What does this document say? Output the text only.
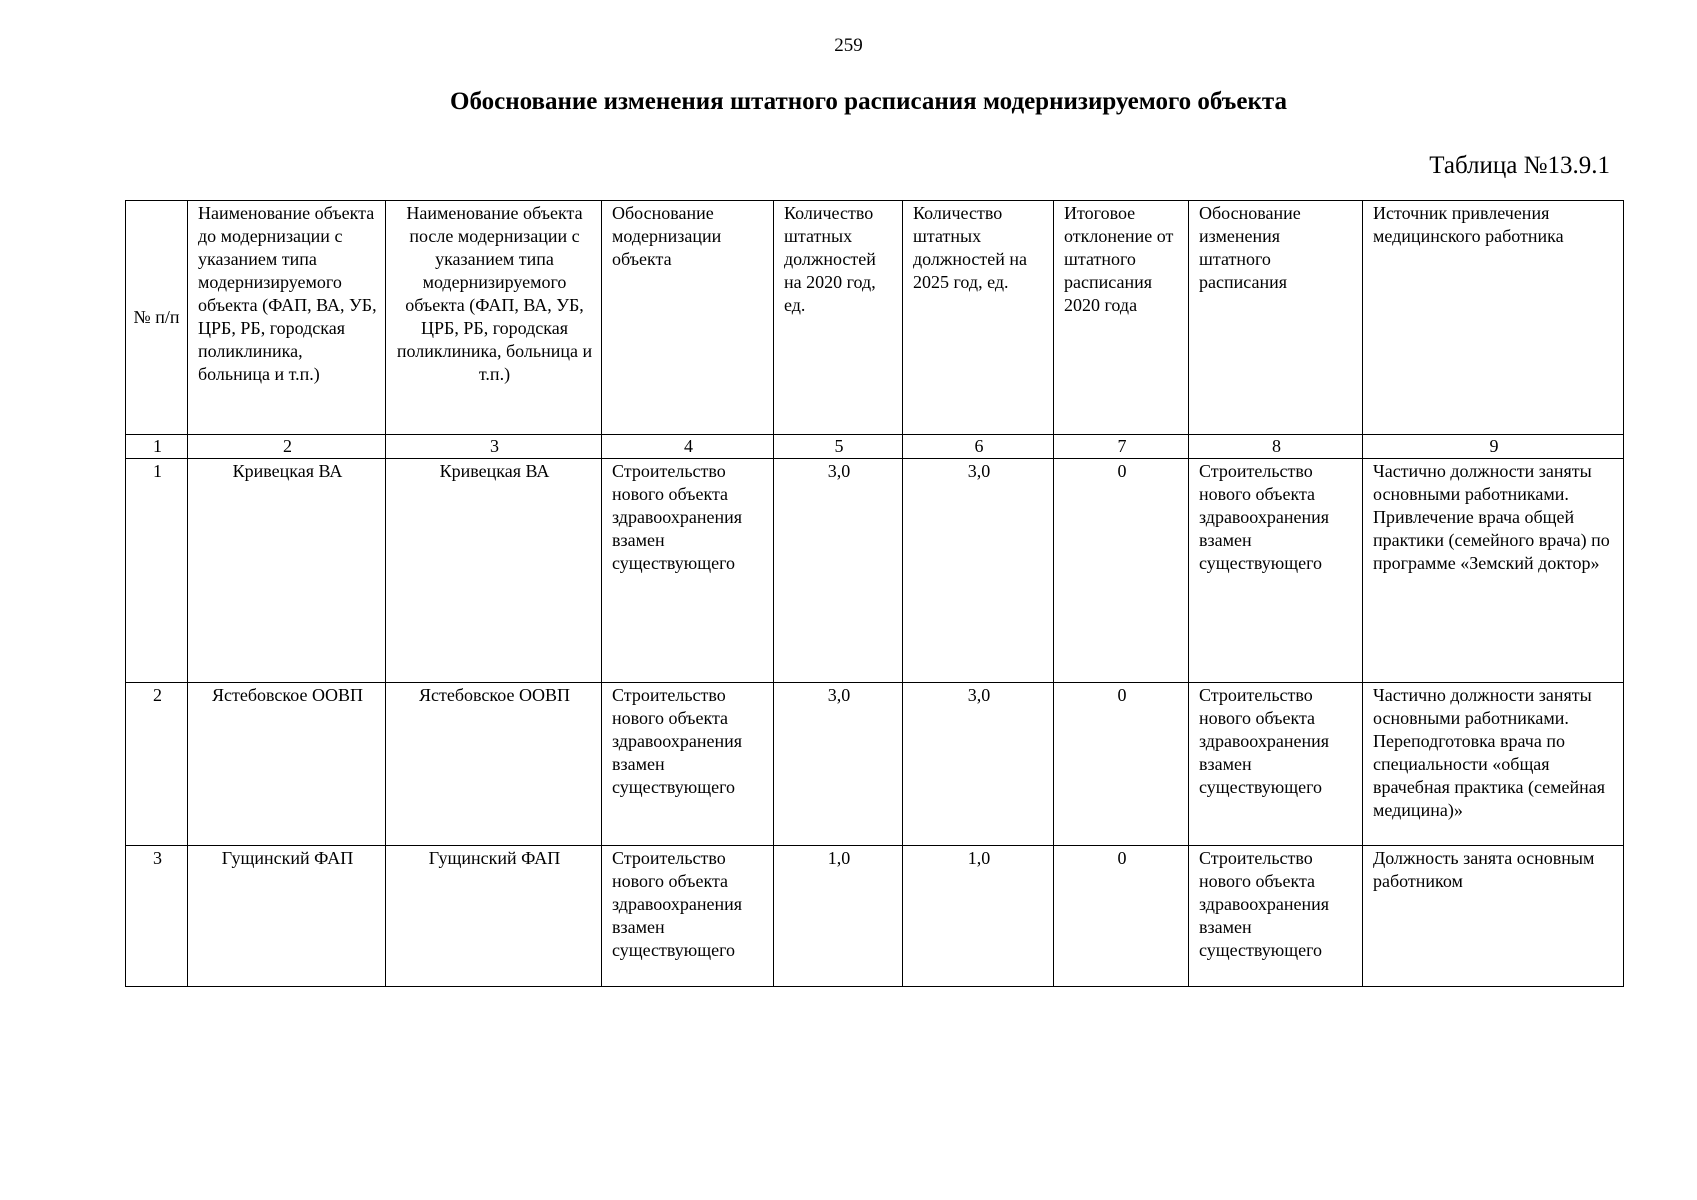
259
Обоснование изменения штатного расписания модернизируемого объекта
Таблица №13.9.1
№ п/п	Наименование объекта до модернизации с указанием типа модернизируемого объекта (ФАП, ВА, УБ, ЦРБ, РБ, городская поликлиника, больница и т.п.)	Наименование объекта после модернизации с указанием типа модернизируемого объекта (ФАП, ВА, УБ, ЦРБ, РБ, городская поликлиника, больница и т.п.)	Обоснование модернизации объекта	Количество штатных должностей на 2020 год, ед.	Количество штатных должностей на 2025 год, ед.	Итоговое отклонение от штатного расписания 2020 года	Обоснование изменения штатного расписания	Источник привлечения медицинского работника
1	2	3	4	5	6	7	8	9
1	Кривецкая ВА	Кривецкая ВА	Строительство нового объекта здравоохранения взамен существующего	3,0	3,0	0	Строительство нового объекта здравоохранения взамен существующего	Частично должности заняты основными работниками. Привлечение врача общей практики (семейного врача) по программе «Земский доктор»
2	Ястебовское ООВП	Ястебовское ООВП	Строительство нового объекта здравоохранения взамен существующего	3,0	3,0	0	Строительство нового объекта здравоохранения взамен существующего	Частично должности заняты основными работниками. Переподготовка врача по специальности «общая врачебная практика (семейная медицина)»
3	Гущинский ФАП	Гущинский ФАП	Строительство нового объекта здравоохранения взамен существующего	1,0	1,0	0	Строительство нового объекта здравоохранения взамен существующего	Должность занята основным работником
